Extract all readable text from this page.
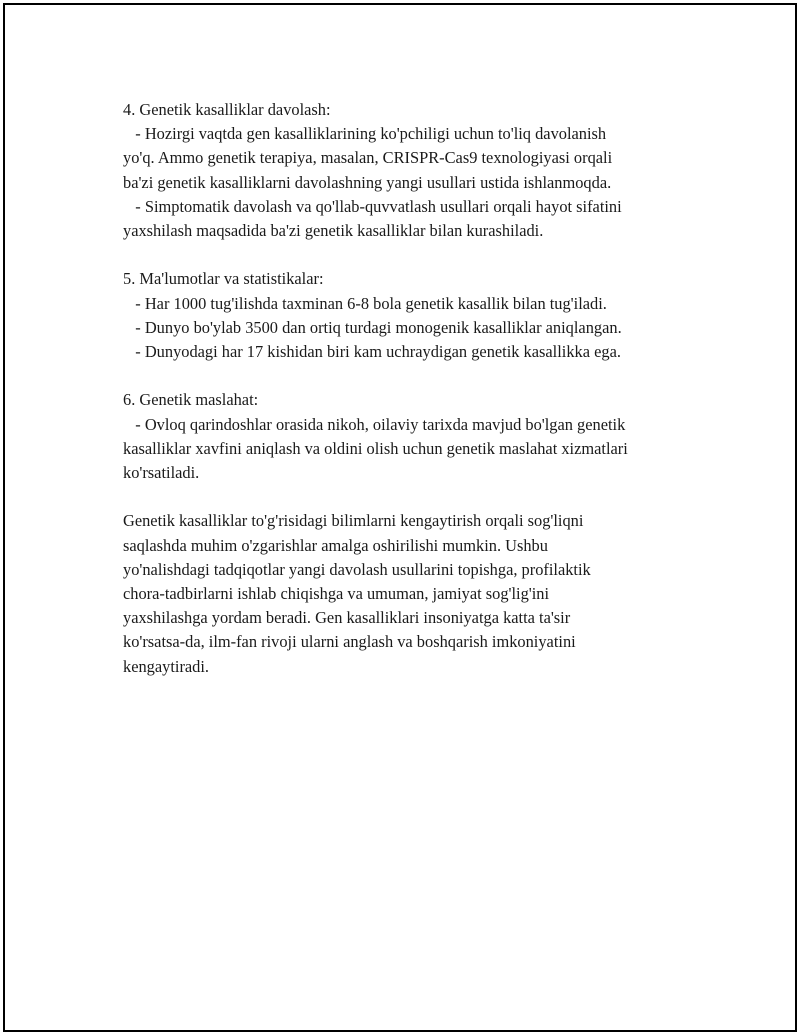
4. Genetik kasalliklar davolash:
- Hozirgi vaqtda gen kasalliklarining ko'pchiligi uchun to'liq davolanish
yo'q. Ammo genetik terapiya, masalan, CRISPR-Cas9 texnologiyasi orqali
ba'zi genetik kasalliklarni davolashning yangi usullari ustida ishlanmoqda.
- Simptomatik davolash va qo'llab-quvvatlash usullari orqali hayot sifatini
yaxshilash maqsadida ba'zi genetik kasalliklar bilan kurashiladi.
5. Ma'lumotlar va statistikalar:
- Har 1000 tug'ilishda taxminan 6-8 bola genetik kasallik bilan tug'iladi.
- Dunyo bo'ylab 3500 dan ortiq turdagi monogenik kasalliklar aniqlangan.
- Dunyodagi har 17 kishidan biri kam uchraydigan genetik kasallikka ega.
6. Genetik maslahat:
- Ovloq qarindoshlar orasida nikoh, oilaviy tarixda mavjud bo'lgan genetik
kasalliklar xavfini aniqlash va oldini olish uchun genetik maslahat xizmatlari
ko'rsatiladi.
Genetik kasalliklar to'g'risidagi bilimlarni kengaytirish orqali sog'liqni
saqlashda muhim o'zgarishlar amalga oshirilishi mumkin. Ushbu
yo'nalishdagi tadqiqotlar yangi davolash usullarini topishga, profilaktik
chora-tadbirlarni ishlab chiqishga va umuman, jamiyat sog'lig'ini
yaxshilashga yordam beradi. Gen kasalliklari insoniyatga katta ta'sir
ko'rsatsa-da, ilm-fan rivoji ularni anglash va boshqarish imkoniyatini
kengaytiradi.
